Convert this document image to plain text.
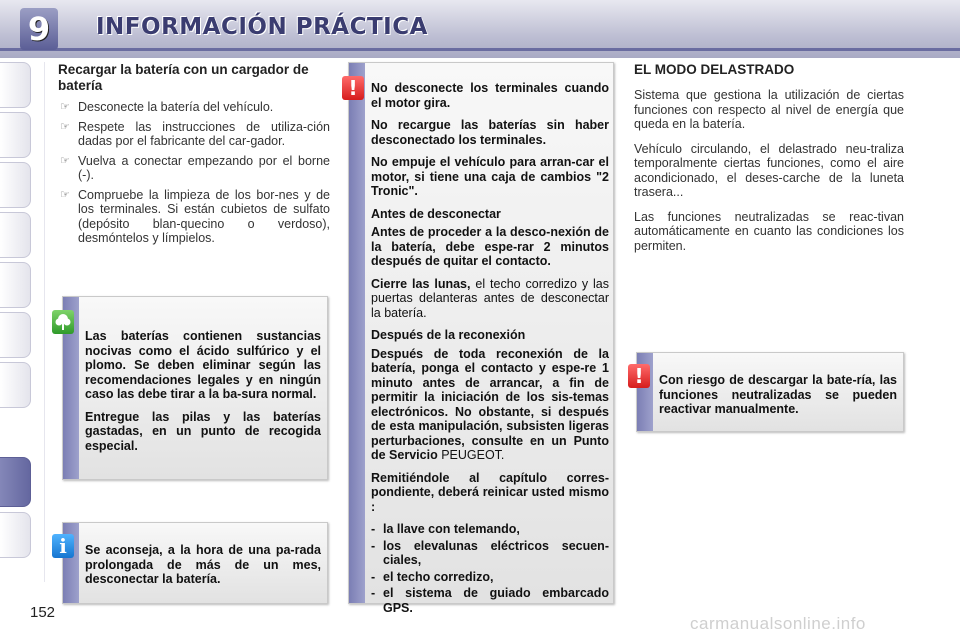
9 INFORMACIÓN PRÁCTICA
Recargar la batería con un cargador de batería
☞ Desconecte la batería del vehículo.
☞ Respete las instrucciones de utiliza-ción dadas por el fabricante del car-gador.
☞ Vuelva a conectar empezando por el borne (-).
☞ Compruebe la limpieza de los bor-nes y de los terminales. Si están cubietos de sulfato (depósito blan-quecino o verdoso), desmóntelos y límpielos.

Las baterías contienen sustancias nocivas como el ácido sulfúrico y el plomo. Se deben eliminar según las recomendaciones legales y en ningún caso las debe tirar a la ba-sura normal.

Entregue las pilas y las baterías gastadas, en un punto de recogida especial.

Se aconseja, a la hora de una pa-rada prolongada de más de un mes, desconectar la batería.
i

No desconecte los terminales cuando el motor gira.

No recargue las baterías sin haber desconectado los terminales.

No empuje el vehículo para arran-car el motor, si tiene una caja de cambios "2 Tronic".

Antes de desconectar

Antes de proceder a la desco-nexión de la batería, debe espe-rar 2 minutos después de quitar el contacto.

Cierre las lunas, el techo corredizo y las puertas delanteras antes de desconectar la batería.

Después de la reconexión

Después de toda reconexión de la batería, ponga el contacto y espe-re 1 minuto antes de arrancar, a fin de permitir la iniciación de los sis-temas electrónicos. No obstante, si después de esta manipulación, subsisten ligeras perturbaciones, consulte en un Punto de Servicio PEUGEOT.

Remitiéndole al capítulo corres-pondiente, deberá reinicar usted mismo :

- la llave con telemando,
- los elevalunas eléctricos secuen-ciales,
- el techo corredizo,
- el sistema de guiado embarcado GPS.
!
EL MODO DELASTRADO

Sistema que gestiona la utilización de ciertas funciones con respecto al nivel de energía que queda en la batería.

Vehículo circulando, el delastrado neu-traliza temporalmente ciertas funciones, como el aire acondicionado, el deses-carche de la luneta trasera...

Las funciones neutralizadas se reac-tivan automáticamente en cuanto las condiciones los permiten.

Con riesgo de descargar la bate-ría, las funciones neutralizadas se pueden reactivar manualmente.
!
152
carmanualsonline.info
